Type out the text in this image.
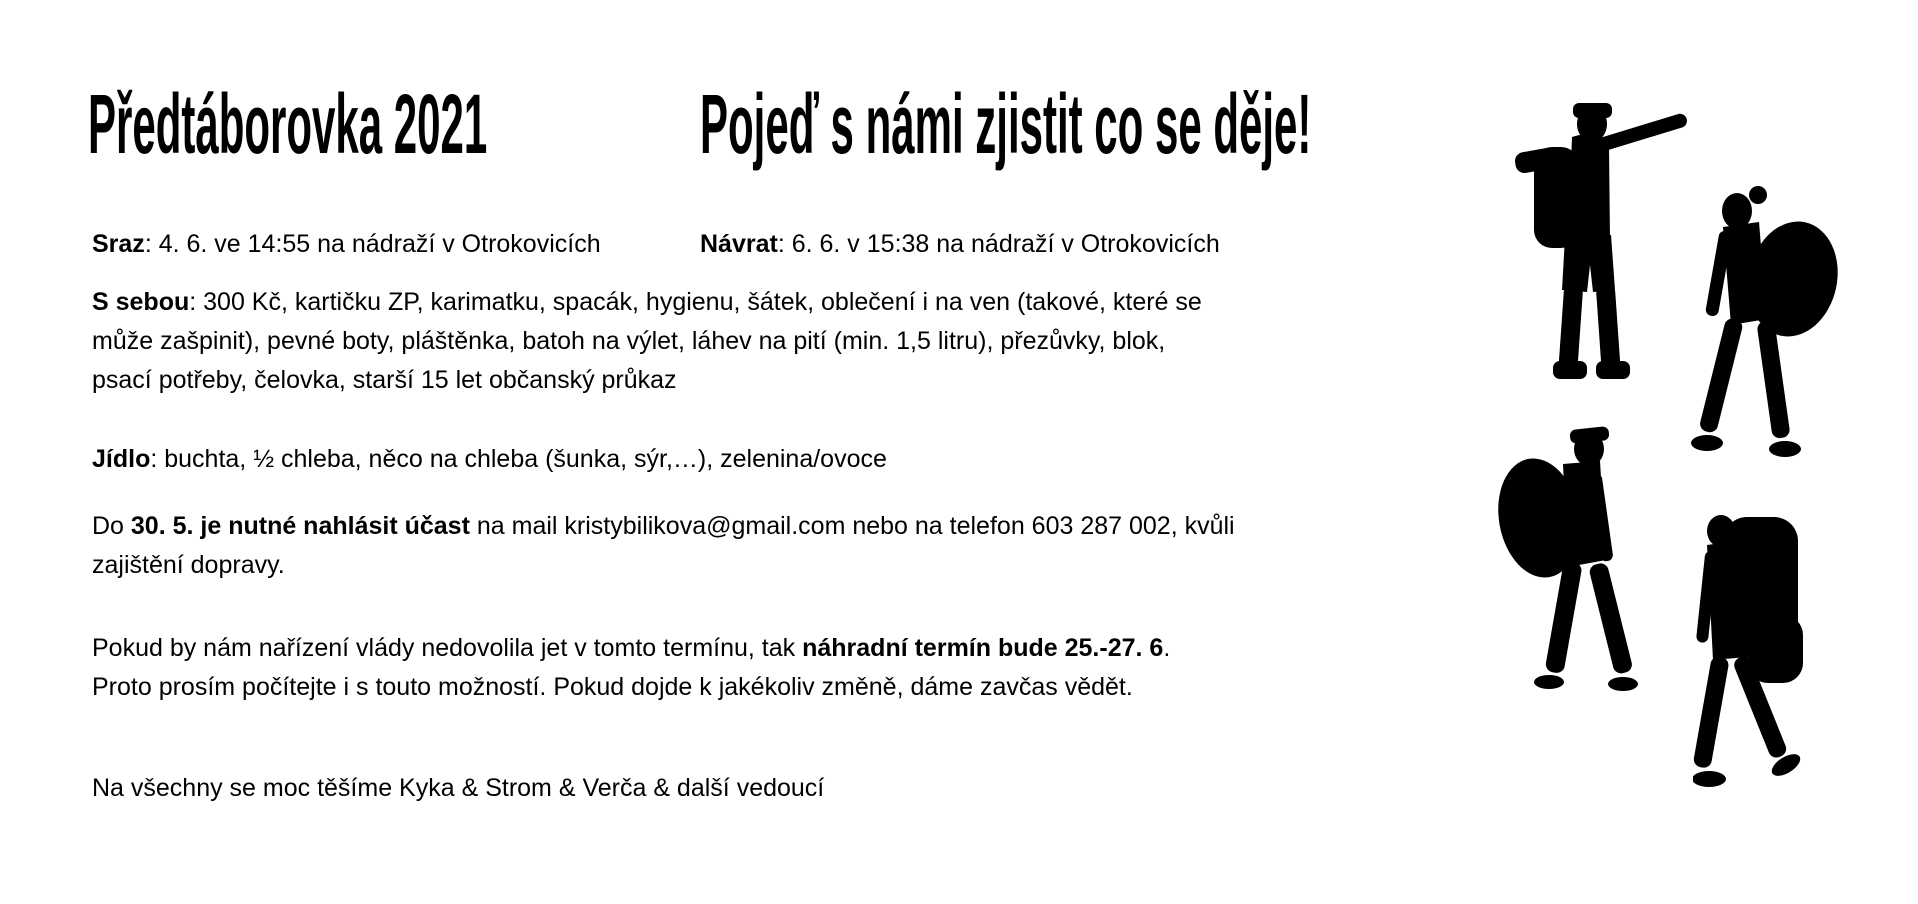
Předtáborovka 2021	Pojeď s námi zjistit co se děje!
Sraz: 4. 6. ve 14:55 na nádraží v Otrokovicích	Návrat: 6. 6. v 15:38 na nádraží v Otrokovicích
S sebou: 300 Kč, kartičku ZP, karimatku, spacák, hygienu, šátek, oblečení i na ven (takové, které se
může zašpinit), pevné boty, pláštěnka, batoh na výlet, láhev na pití (min. 1,5 litru), přezůvky, blok,
psací potřeby, čelovka, starší 15 let občanský průkaz
Jídlo: buchta, ½ chleba, něco na chleba (šunka, sýr,…), zelenina/ovoce
Do 30. 5. je nutné nahlásit účast na mail kristybilikova@gmail.com nebo na telefon 603 287 002, kvůli
zajištění dopravy.
Pokud by nám nařízení vlády nedovolila jet v tomto termínu, tak náhradní termín bude 25.-27. 6.
Proto prosím počítejte i s touto možností. Pokud dojde k jakékoliv změně, dáme zavčas vědět.
Na všechny se moc těšíme Kyka & Strom & Verča & další vedoucí
